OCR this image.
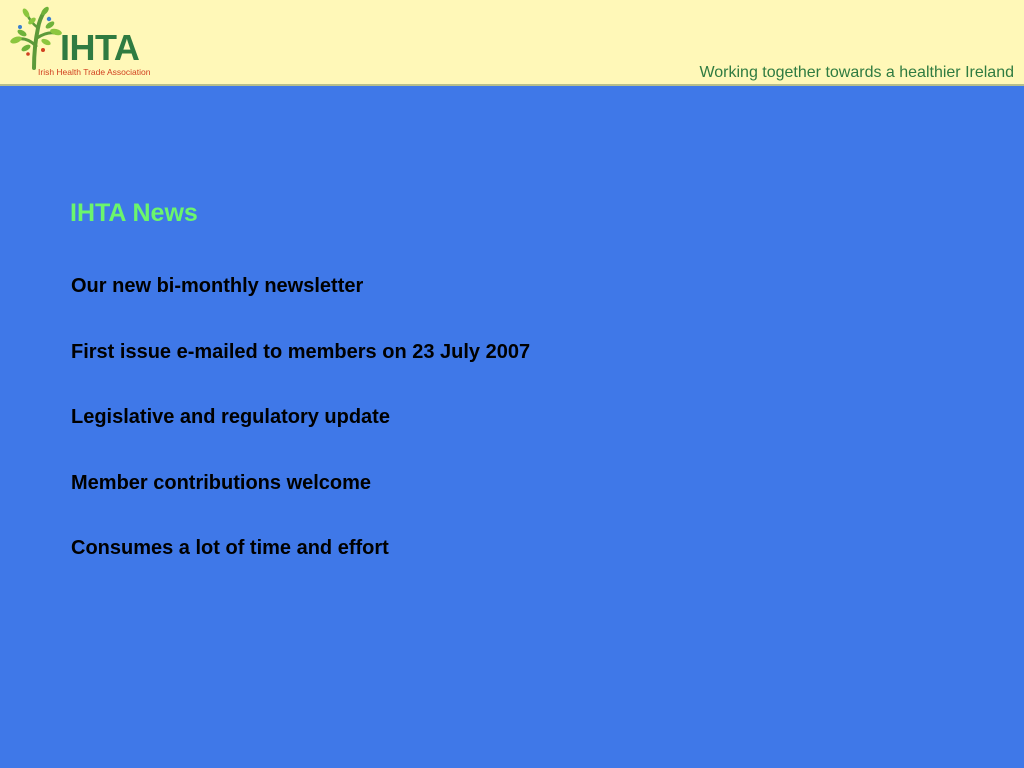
IHTA
Irish Health Trade Association	Working together towards a healthier Ireland
IHTA News
Our new bi-monthly newsletter
First issue e-mailed to members on 23 July 2007
Legislative and regulatory update
Member contributions welcome
Consumes a lot of time and effort
